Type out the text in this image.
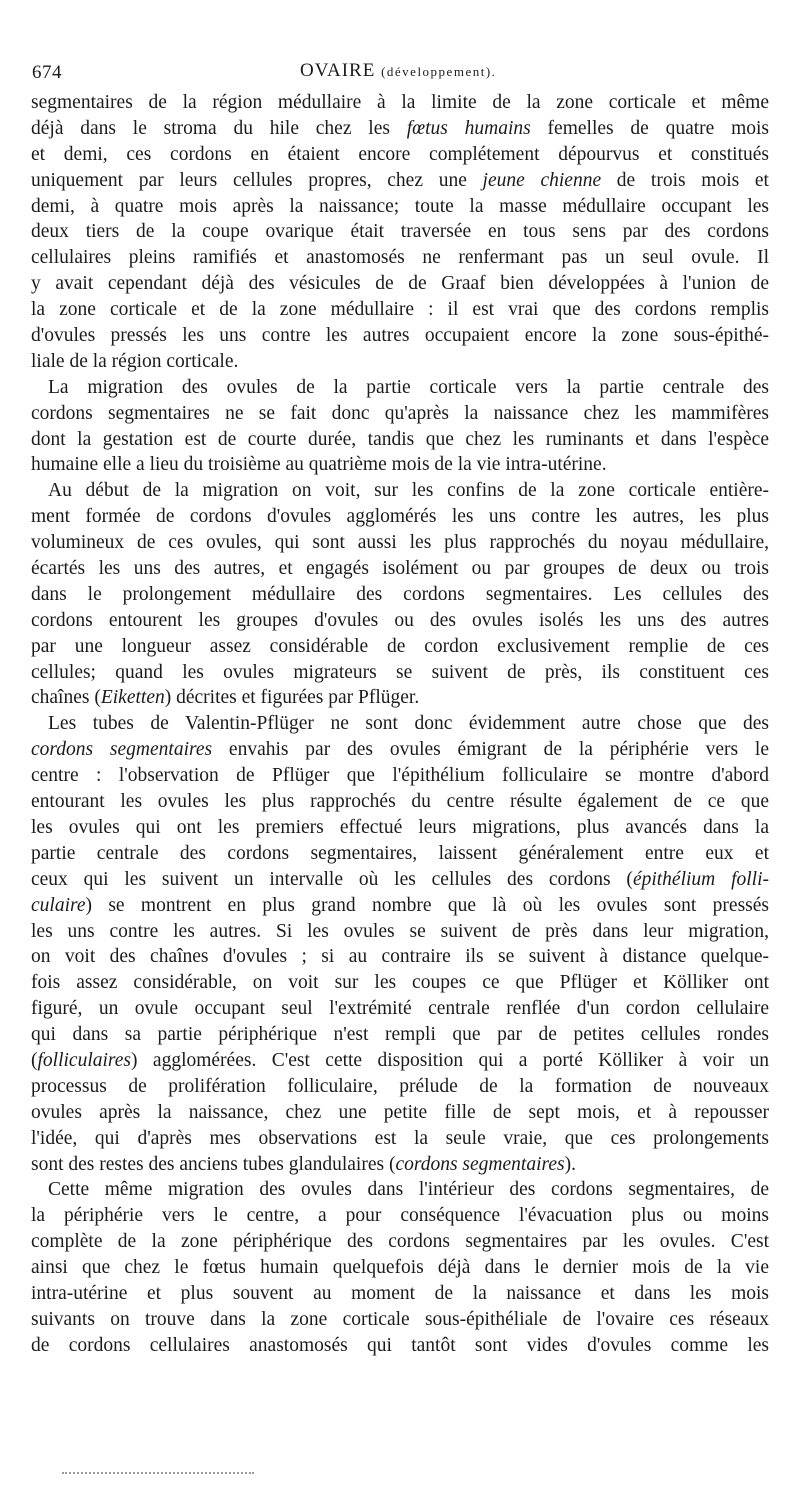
674	OVAIRE (développement).
segmentaires de la région médullaire à la limite de la zone corticale et même
déjà dans le stroma du hile chez les fœtus humains femelles de quatre mois
et demi, ces cordons en étaient encore complétement dépourvus et constitués
uniquement par leurs cellules propres, chez une jeune chienne de trois mois et
demi, à quatre mois après la naissance; toute la masse médullaire occupant les
deux tiers de la coupe ovarique était traversée en tous sens par des cordons
cellulaires pleins ramifiés et anastomosés ne renfermant pas un seul ovule. Il
y avait cependant déjà des vésicules de de Graaf bien développées à l'union de
la zone corticale et de la zone médullaire : il est vrai que des cordons remplis
d'ovules pressés les uns contre les autres occupaient encore la zone sous-épithé-
liale de la région corticale.
La migration des ovules de la partie corticale vers la partie centrale des
cordons segmentaires ne se fait donc qu'après la naissance chez les mammifères
dont la gestation est de courte durée, tandis que chez les ruminants et dans l'espèce
humaine elle a lieu du troisième au quatrième mois de la vie intra-utérine.
Au début de la migration on voit, sur les confins de la zone corticale entière-
ment formée de cordons d'ovules agglomérés les uns contre les autres, les plus
volumineux de ces ovules, qui sont aussi les plus rapprochés du noyau médullaire,
écartés les uns des autres, et engagés isolément ou par groupes de deux ou trois
dans le prolongement médullaire des cordons segmentaires. Les cellules des
cordons entourent les groupes d'ovules ou des ovules isolés les uns des autres
par une longueur assez considérable de cordon exclusivement remplie de ces
cellules; quand les ovules migrateurs se suivent de près, ils constituent ces
chaînes (Eiketten) décrites et figurées par Pflüger.
Les tubes de Valentin-Pflüger ne sont donc évidemment autre chose que des
cordons segmentaires envahis par des ovules émigrant de la périphérie vers le
centre : l'observation de Pflüger que l'épithélium folliculaire se montre d'abord
entourant les ovules les plus rapprochés du centre résulte également de ce que
les ovules qui ont les premiers effectué leurs migrations, plus avancés dans la
partie centrale des cordons segmentaires, laissent généralement entre eux et
ceux qui les suivent un intervalle où les cellules des cordons (épithélium folli-
culaire) se montrent en plus grand nombre que là où les ovules sont pressés
les uns contre les autres. Si les ovules se suivent de près dans leur migration,
on voit des chaînes d'ovules ; si au contraire ils se suivent à distance quelque-
fois assez considérable, on voit sur les coupes ce que Pflüger et Kölliker ont
figuré, un ovule occupant seul l'extrémité centrale renflée d'un cordon cellulaire
qui dans sa partie périphérique n'est rempli que par de petites cellules rondes
(folliculaires) agglomérées. C'est cette disposition qui a porté Kölliker à voir un
processus de prolifération folliculaire, prélude de la formation de nouveaux
ovules après la naissance, chez une petite fille de sept mois, et à repousser
l'idée, qui d'après mes observations est la seule vraie, que ces prolongements
sont des restes des anciens tubes glandulaires (cordons segmentaires).
Cette même migration des ovules dans l'intérieur des cordons segmentaires, de
la périphérie vers le centre, a pour conséquence l'évacuation plus ou moins
complète de la zone périphérique des cordons segmentaires par les ovules. C'est
ainsi que chez le fœtus humain quelquefois déjà dans le dernier mois de la vie
intra-utérine et plus souvent au moment de la naissance et dans les mois
suivants on trouve dans la zone corticale sous-épithéliale de l'ovaire ces réseaux
de cordons cellulaires anastomosés qui tantôt sont vides d'ovules comme les
